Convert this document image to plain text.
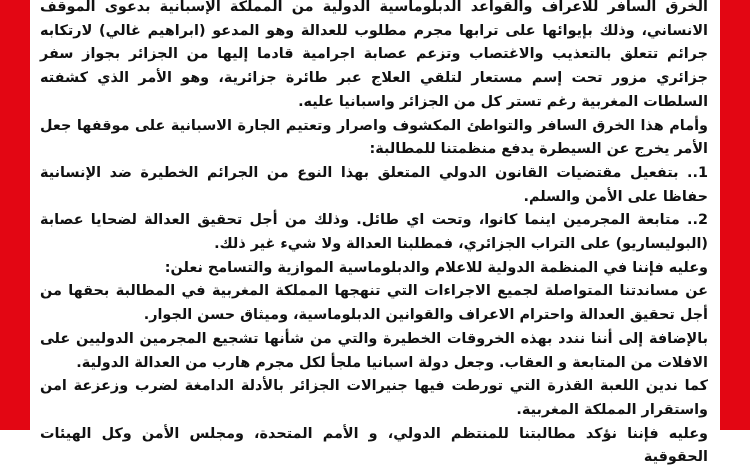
الخرق السافر للاعراف والقواعد الدبلوماسية الدولية من المملكة الإسبانية بدعوى الموقف الانساني، وذلك بإيوائها على ترابها مجرم مطلوب للعدالة وهو المدعو (ابراهيم غالي) لارتكابه جرائم تتعلق بالتعذيب والاغتصاب وتزعم عصابة اجرامية قادما إليها من الجزائر بجواز سفر جزائري مزور تحت إسم مستعار لتلقي العلاج عبر طائرة جزائرية، وهو الأمر الذي كشفته السلطات المغربية رغم تستر كل من الجزائر واسبانيا عليه.

وأمام هذا الخرق السافر والتواطئ المكشوف واصرار وتعتيم الجارة الاسبانية على موقفها جعل الأمر يخرج عن السيطرة يدفع منظمتنا للمطالبة:

1.. بتفعيل مقتضيات القانون الدولي المتعلق بهذا النوع من الجرائم الخطيرة ضد الإنسانية حفاظا على الأمن والسلم.

2.. متابعة المجرمين اينما كانوا، وتحت اي طائل. وذلك من أجل تحقيق العدالة لضحايا عصابة (البوليساريو) على التراب الجزائري، فمطلبنا العدالة ولا شيء غير ذلك.

وعليه فإننا في المنظمة الدولية للاعلام والدبلوماسية الموازية والتسامح نعلن:

عن مساندتنا المتواصلة لجميع الاجراءات التي تنهجها المملكة المغربية في المطالبة بحقها من أجل تحقيق العدالة واحترام الاعراف والقوانين الدبلوماسية، وميثاق حسن الجوار.

بالإضافة إلى أننا نندد بهذه الخروقات الخطيرة والتي من شأنها تشجيع المجرمين الدوليين على الافلات من المتابعة و العقاب. وجعل دولة اسبانيا ملجأ لكل مجرم هارب من العدالة الدولية.

كما ندين اللعبة القذرة التي تورطت فيها جنيرالات الجزائر بالأدلة الدامغة لضرب وزعزعة امن واستقرار المملكة المغربية.

وعليه فإننا نؤكد مطالبتنا للمنتظم الدولي، و الأمم المتحدة، ومجلس الأمن وكل الهيئات الحقوقية
